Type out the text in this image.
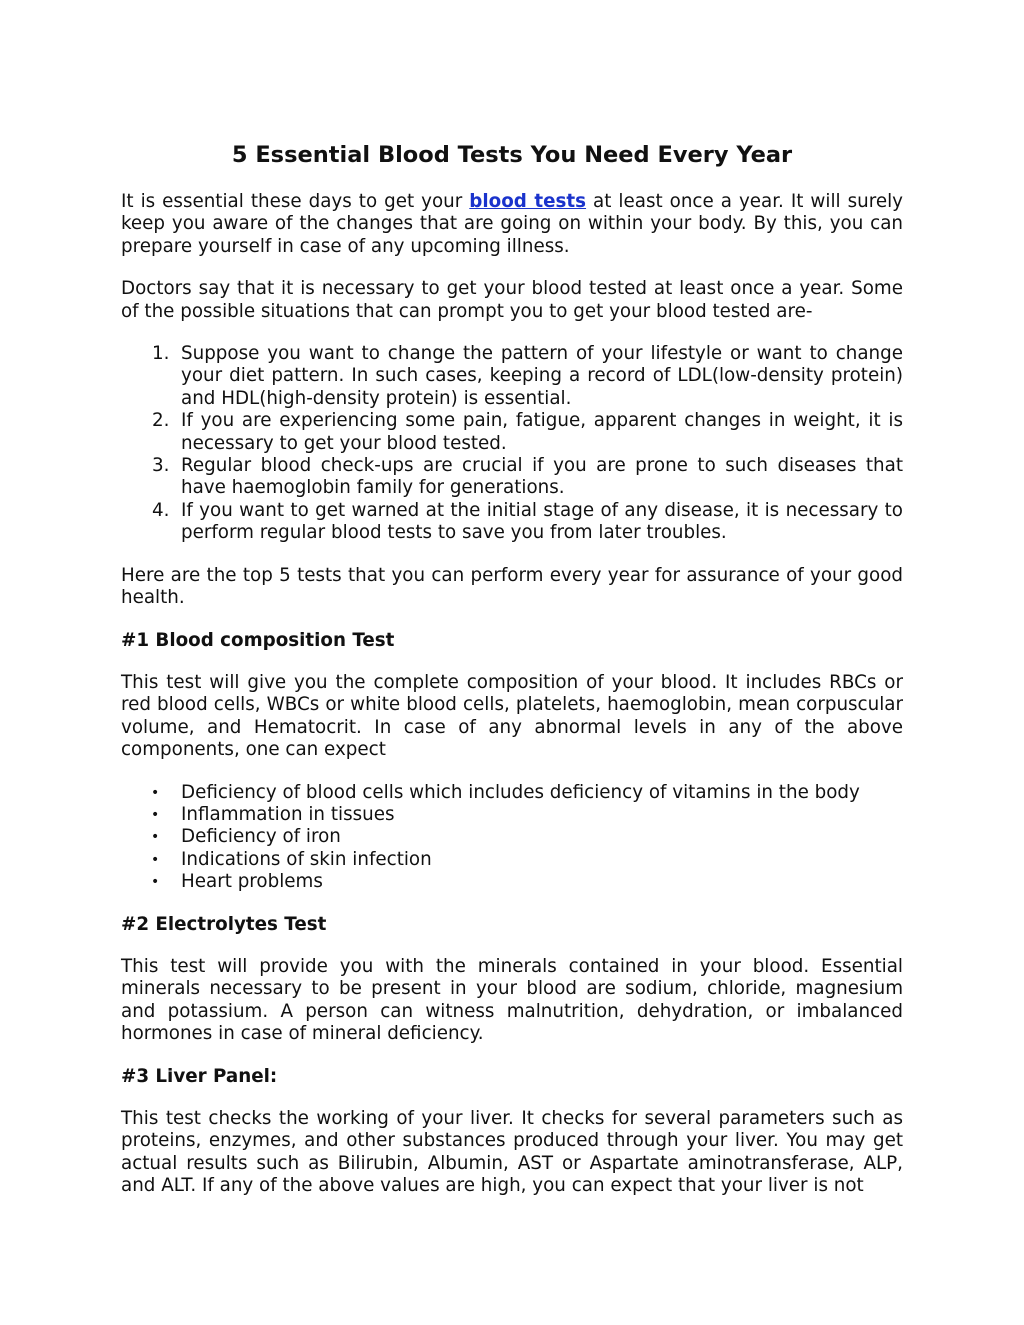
5 Essential Blood Tests You Need Every Year

It is essential these days to get your blood tests at least once a year. It will surely keep you aware of the changes that are going on within your body. By this, you can prepare yourself in case of any upcoming illness.

Doctors say that it is necessary to get your blood tested at least once a year. Some of the possible situations that can prompt you to get your blood tested are-

1. Suppose you want to change the pattern of your lifestyle or want to change your diet pattern. In such cases, keeping a record of LDL(low-density protein) and HDL(high-density protein) is essential.
2. If you are experiencing some pain, fatigue, apparent changes in weight, it is necessary to get your blood tested.
3. Regular blood check-ups are crucial if you are prone to such diseases that have haemoglobin family for generations.
4. If you want to get warned at the initial stage of any disease, it is necessary to perform regular blood tests to save you from later troubles.

Here are the top 5 tests that you can perform every year for assurance of your good health.

#1 Blood composition Test

This test will give you the complete composition of your blood. It includes RBCs or red blood cells, WBCs or white blood cells, platelets, haemoglobin, mean corpuscular volume, and Hematocrit. In case of any abnormal levels in any of the above components, one can expect

• Deficiency of blood cells which includes deficiency of vitamins in the body
• Inflammation in tissues
• Deficiency of iron
• Indications of skin infection
• Heart problems
#2 Electrolytes Test

This test will provide you with the minerals contained in your blood. Essential minerals necessary to be present in your blood are sodium, chloride, magnesium and potassium. A person can witness malnutrition, dehydration, or imbalanced hormones in case of mineral deficiency.

#3 Liver Panel:

This test checks the working of your liver. It checks for several parameters such as proteins, enzymes, and other substances produced through your liver. You may get actual results such as Bilirubin, Albumin, AST or Aspartate aminotransferase, ALP, and ALT. If any of the above values are high, you can expect that your liver is not
